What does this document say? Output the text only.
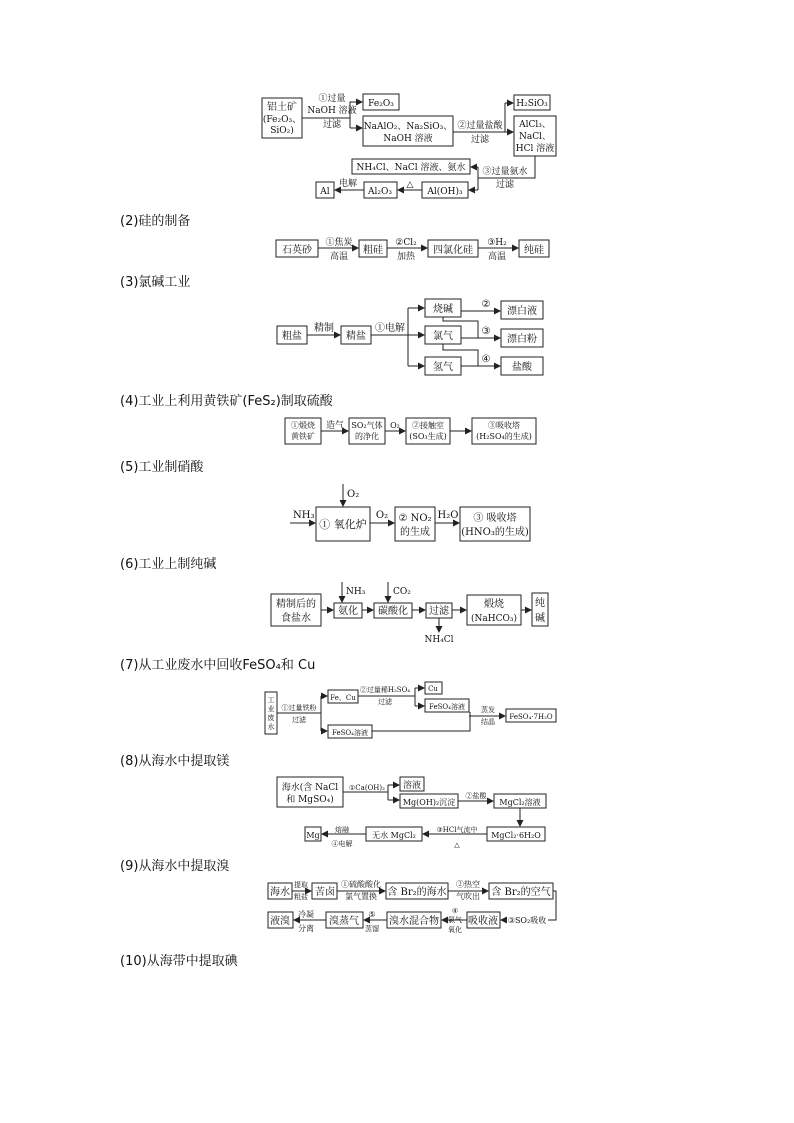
(2)硅的制备
(3)氯碱工业
(4)工业上利用黄铁矿(FeS₂)制取硫酸
(5)工业制硝酸
(6)工业上制纯碱
(7)从工业废水中回收FeSO₄和 Cu
(8)从海水中提取镁
(9)从海水中提取溴
(10)从海带中提取碘
铝土矿
(Fe₂O₃、
SiO₂)
①过量
NaOH 溶液
过滤
Fe₂O₃
NaAlO₂、Na₂SiO₃、
NaOH 溶液
②过量盐酸
过滤
H₂SiO₃
AlCl₃、
NaCl、
HCl 溶液
③过量氨水
过滤
NH₄Cl、NaCl 溶液、氨水
Al(OH)₃
△
Al₂O₃
电解
Al
石英砂
①焦炭
高温
粗硅
②Cl₂
加热
四氯化硅
③H₂
高温
纯硅
粗盐
精制
精盐
①电解
烧碱
氯气
氢气
②
③
④
漂白液
漂白粉
盐酸
①煅烧
黄铁矿
造气 SO₂气体
的净化
O₂ ②接触室
(SO₃生成)
③吸收塔
(H₂SO₄的生成)
O₂
NH₃
① 氧化炉
O₂ ② NO₂
的生成
H₂O ③ 吸收塔
(HNO₃的生成)
精制后的
食盐水
NH₃
氨化
CO₂
碳酸化 过滤
NH₄Cl
煅烧
(NaHCO₃)
纯
碱
工
业
废
水
①过量铁粉
过滤
Fe、Cu
②过量稀H₂SO₄
过滤
Cu
FeSO₄溶液
FeSO₄溶液
蒸发
结晶
FeSO₄·7H₂O
海水(含 NaCl
和 MgSO₄)
①Ca(OH)₂ 溶液
Mg(OH)₂沉淀
②盐酸
MgCl₂溶液
MgCl₂·6H₂O
③HCl气流中
△
无水 MgCl₂
熔融
④电解
Mg
海水
提取
粗盐 苦卤
①硫酸酸化
氯气置换 含 Br₂的海水
②热空
气吹出 含 Br₂的空气
③SO₂吸收
吸收液
④
氯气
氧化
溴水混合物
⑤
蒸馏
溴蒸气
冷凝
分离
液溴
